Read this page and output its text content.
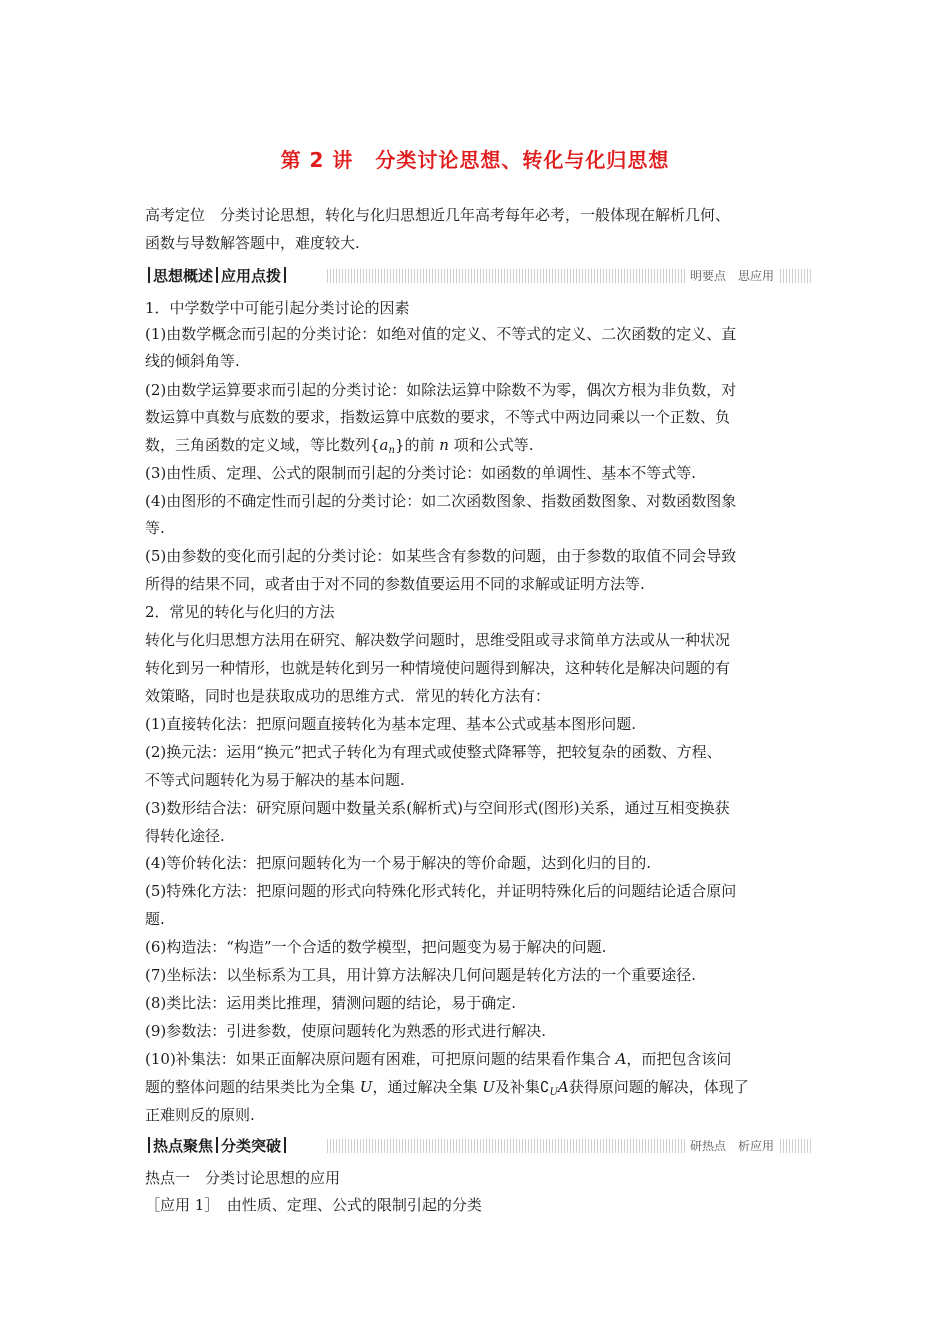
第 2 讲 分类讨论思想、转化与化归思想
高考定位　分类讨论思想，转化与化归思想近几年高考每年必考，一般体现在解析几何、
函数与导数解答题中，难度较大.
思想概述 应用点拨	明要点　思应用
1．中学数学中可能引起分类讨论的因素
(1)由数学概念而引起的分类讨论：如绝对值的定义、不等式的定义、二次函数的定义、直
线的倾斜角等.
(2)由数学运算要求而引起的分类讨论：如除法运算中除数不为零，偶次方根为非负数，对
数运算中真数与底数的要求，指数运算中底数的要求，不等式中两边同乘以一个正数、负
数，三角函数的定义域，等比数列$\{a_n\}$的前 n 项和公式等.
(3)由性质、定理、公式的限制而引起的分类讨论：如函数的单调性、基本不等式等.
(4)由图形的不确定性而引起的分类讨论：如二次函数图象、指数函数图象、对数函数图象
等.
(5)由参数的变化而引起的分类讨论：如某些含有参数的问题，由于参数的取值不同会导致
所得的结果不同，或者由于对不同的参数值要运用不同的求解或证明方法等.
2．常见的转化与化归的方法
转化与化归思想方法用在研究、解决数学问题时，思维受阻或寻求简单方法或从一种状况
转化到另一种情形，也就是转化到另一种情境使问题得到解决，这种转化是解决问题的有
效策略，同时也是获取成功的思维方式．常见的转化方法有：
(1)直接转化法：把原问题直接转化为基本定理、基本公式或基本图形问题.
(2)换元法：运用“换元”把式子转化为有理式或使整式降幂等，把较复杂的函数、方程、
不等式问题转化为易于解决的基本问题.
(3)数形结合法：研究原问题中数量关系(解析式)与空间形式(图形)关系，通过互相变换获
得转化途径.
(4)等价转化法：把原问题转化为一个易于解决的等价命题，达到化归的目的.
(5)特殊化方法：把原问题的形式向特殊化形式转化，并证明特殊化后的问题结论适合原问
题.
(6)构造法：“构造”一个合适的数学模型，把问题变为易于解决的问题.
(7)坐标法：以坐标系为工具，用计算方法解决几何问题是转化方法的一个重要途径.
(8)类比法：运用类比推理，猜测问题的结论，易于确定.
(9)参数法：引进参数，使原问题转化为熟悉的形式进行解决.
(10)补集法：如果正面解决原问题有困难，可把原问题的结果看作集合 A，而把包含该问
题的整体问题的结果类比为全集 U，通过解决全集 U及补集$∁_UA$获得原问题的解决，体现了
正难则反的原则.
热点聚焦 分类突破	研热点　析应用
热点一　分类讨论思想的应用
［应用 1］　由性质、定理、公式的限制引起的分类
